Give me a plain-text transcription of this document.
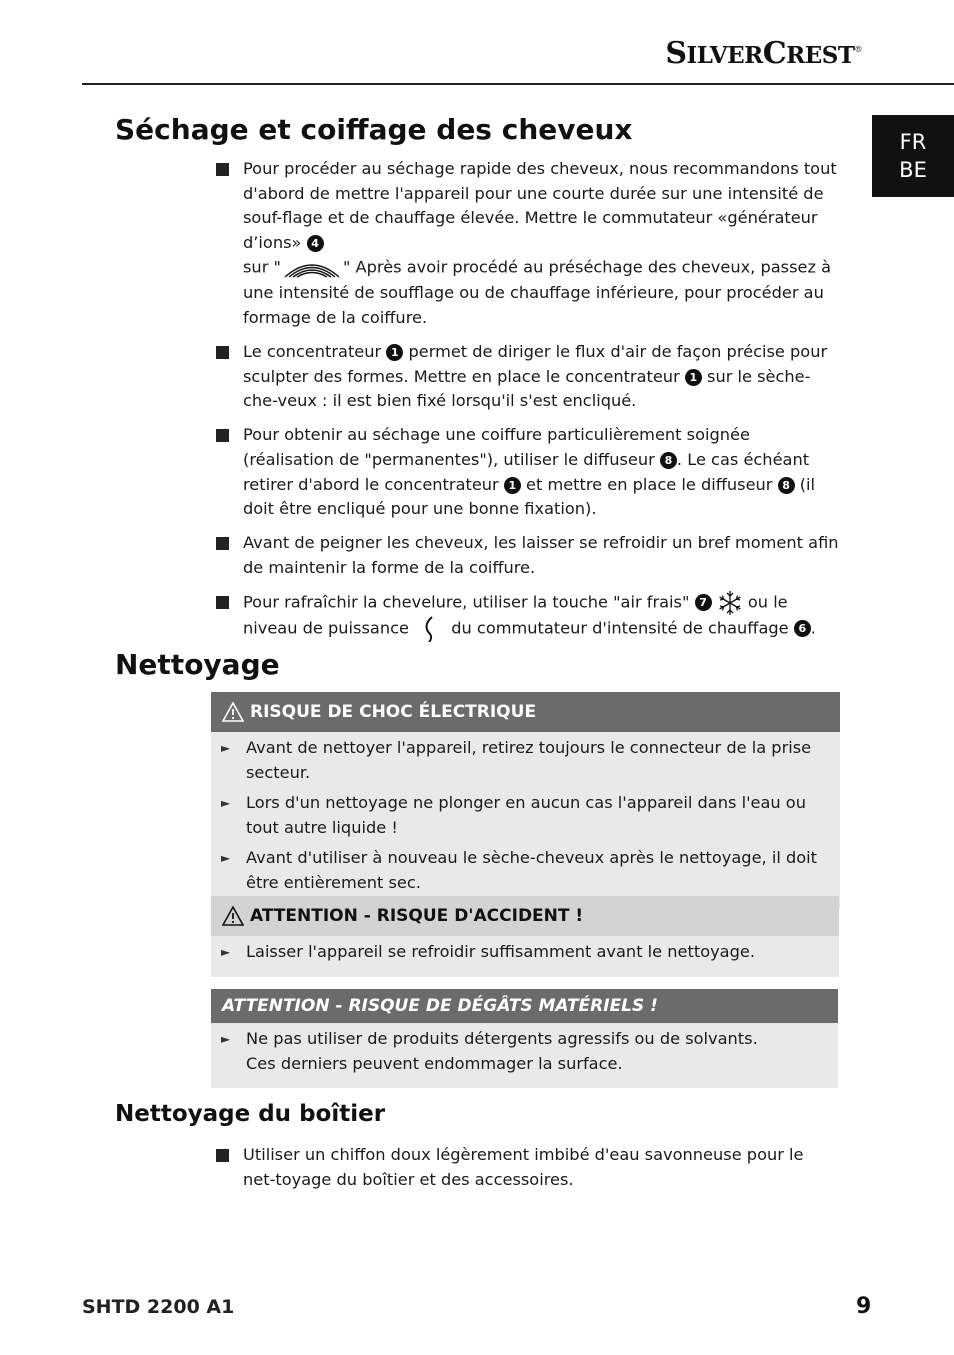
SILVERCREST®
FR
BE
Séchage et coiffage des cheveux
Pour procéder au séchage rapide des cheveux, nous recommandons tout d'abord de mettre l'appareil pour une courte durée sur une intensité de souf-flage et de chauffage élevée. Mettre le commutateur «générateur d’ions» 4
sur "	" Après avoir procédé au préséchage des cheveux, passez à une intensité de soufflage ou de chauffage inférieure, pour procéder au formage de la coiffure.
Le concentrateur 1 permet de diriger le flux d'air de façon précise pour sculpter des formes. Mettre en place le concentrateur 1 sur le sèche-che-veux : il est bien fixé lorsqu'il s'est encliqué.
Pour obtenir au séchage une coiffure particulièrement soignée (réalisation de "permanentes"), utiliser le diffuseur 8 . Le cas échéant retirer d'abord le concentrateur 1 et mettre en place le diffuseur 8 (il doit être encliqué pour une bonne fixation).
Avant de peigner les cheveux, les laisser se refroidir un bref moment afin de maintenir la forme de la coiffure.
Pour rafraîchir la chevelure, utiliser la touche "air frais" 7  ou le niveau de puissance  du commutateur d'intensité de chauffage 6 .
Nettoyage
RISQUE DE CHOC ÉLECTRIQUE
► Avant de nettoyer l'appareil, retirez toujours le connecteur de la prise secteur.
► Lors d'un nettoyage ne plonger en aucun cas l'appareil dans l'eau ou tout autre liquide !
► Avant d'utiliser à nouveau le sèche-cheveux après le nettoyage, il doit être entièrement sec.
ATTENTION - RISQUE D'ACCIDENT !
► Laisser l'appareil se refroidir suffisamment avant le nettoyage.
ATTENTION - RISQUE DE DÉGÂTS MATÉRIELS !
► Ne pas utiliser de produits détergents agressifs ou de solvants.
Ces derniers peuvent endommager la surface.
Nettoyage du boîtier
Utiliser un chiffon doux légèrement imbibé d'eau savonneuse pour le net-toyage du boîtier et des accessoires.
SHTD 2200 A1	9
